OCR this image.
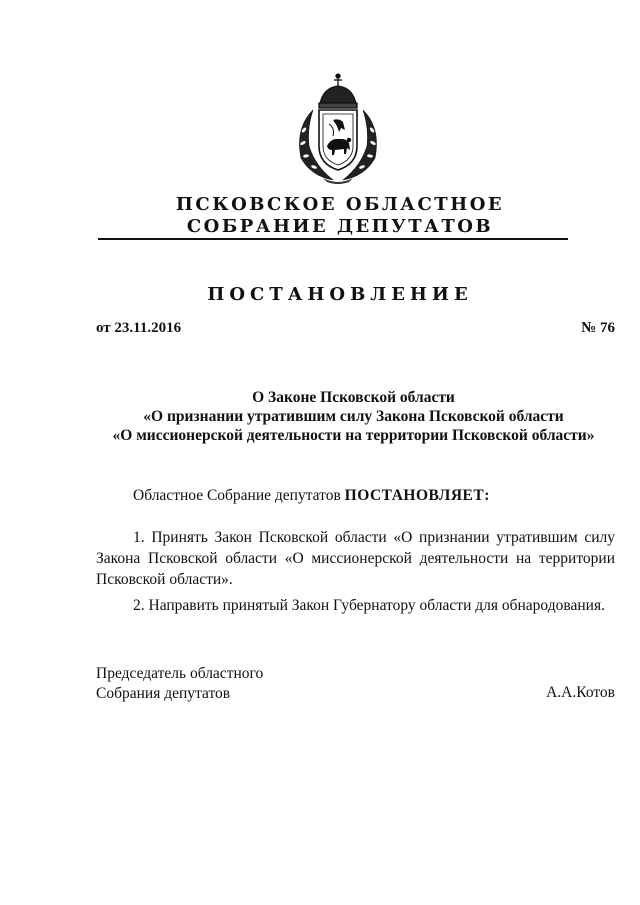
ПСКОВСКОЕ ОБЛАСТНОЕ
СОБРАНИЕ ДЕПУТАТОВ
ПОСТАНОВЛЕНИЕ
от 23.11.2016	№ 76
О Законе Псковской области
«О признании утратившим силу Закона Псковской области
«О миссионерской деятельности на территории Псковской области»
Областное Собрание депутатов ПОСТАНОВЛЯЕТ:
1. Принять Закон Псковской области «О признании утратившим силу Закона Псковской области «О миссионерской деятельности на территории Псковской области».
2. Направить принятый Закон Губернатору области для обнародования.
Председатель областного
Собрания депутатов	А.А.Котов
